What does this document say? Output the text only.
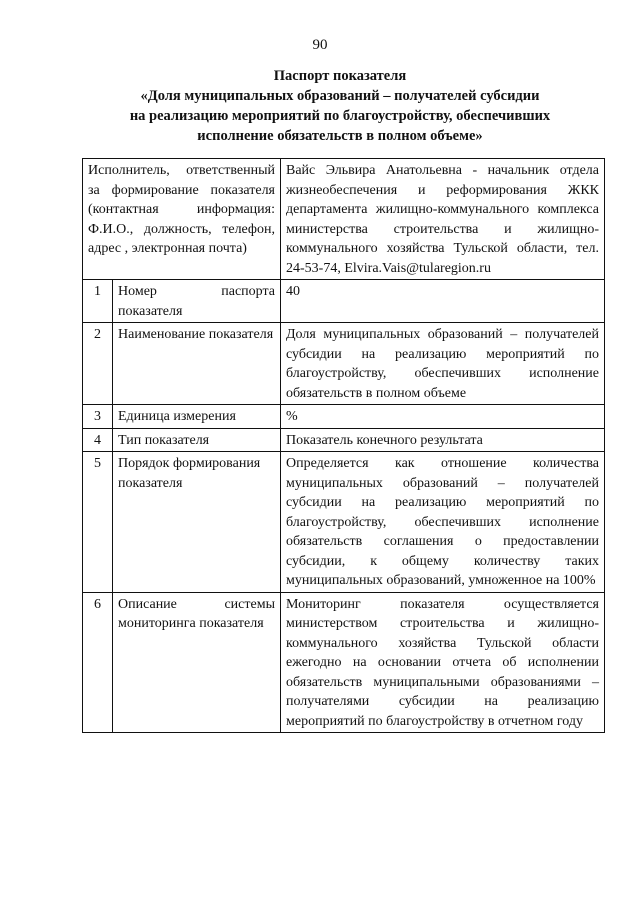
90
Паспорт показателя
«Доля муниципальных образований – получателей субсидии
на реализацию мероприятий по благоустройству, обеспечивших
исполнение обязательств в полном объеме»
Исполнитель, ответственный за формирование показателя (контактная информация: Ф.И.О., должность, телефон, адрес , электронная почта)		Вайс Эльвира Анатольевна - начальник отдела жизнеобеспечения и реформирования ЖКК департамента жилищно-коммунального комплекса министерства строительства и жилищно-коммунального хозяйства Тульской области, тел. 24-53-74, Elvira.Vais@tularegion.ru
1	Номер паспорта показателя	40
2	Наименование показателя	Доля муниципальных образований – получателей субсидии на реализацию мероприятий по благоустройству, обеспечивших исполнение обязательств в полном объеме
3	Единица измерения	%
4	Тип показателя	Показатель конечного результата
5	Порядок формирования показателя	Определяется как отношение количества муниципальных образований – получателей субсидии на реализацию мероприятий по благоустройству, обеспечивших исполнение обязательств соглашения о предоставлении субсидии, к общему количеству таких муниципальных образований, умноженное на 100%
6	Описание системы мониторинга показателя	Мониторинг показателя осуществляется министерством строительства и жилищно-коммунального хозяйства Тульской области ежегодно на основании отчета об исполнении обязательств муниципальными образованиями – получателями субсидии на реализацию мероприятий по благоустройству в отчетном году
